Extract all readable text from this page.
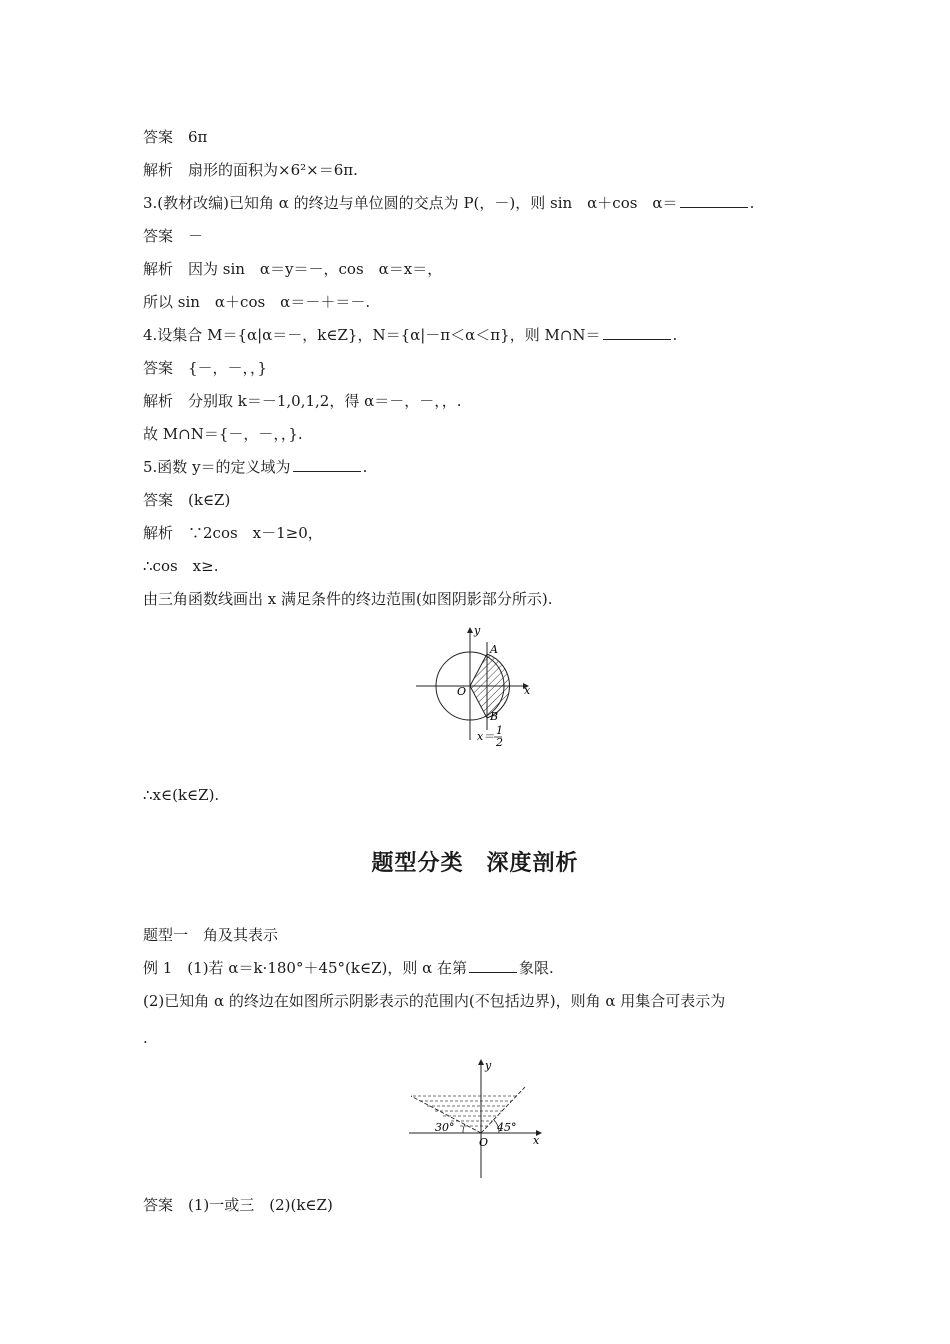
答案　6π
解析　扇形的面积为×6²×＝6π.
3.(教材改编)已知角 α 的终边与单位圆的交点为 P(，－)，则 sin　α＋cos　α＝	.
答案　－
解析　因为 sin　α＝y＝－，cos　α＝x＝，
所以 sin　α＋cos　α＝－＋＝－.
4.设集合 M＝{α|α＝－，k∈Z}，N＝{α|－π＜α＜π}，则 M∩N＝	.
答案　{－，－，，}
解析　分别取 k＝－1,0,1,2，得 α＝－，－，，.
故 M∩N＝{－，－，，}.
5.函数 y＝的定义域为	.
答案　(k∈Z)
解析　∵2cos　x－1≥0，
∴cos　x≥.
由三角函数线画出 x 满足条件的终边范围(如图阴影部分所示).
y
x
O
A
B
x＝ 1
2
∴x∈(k∈Z).
题型分类　深度剖析
题型一　角及其表示
例 1　(1)若 α＝k·180°＋45°(k∈Z)，则 α 在第	象限.
(2)已知角 α 的终边在如图所示阴影表示的范围内(不包括边界)，则角 α 用集合可表示为
.
y
x
O
30°	45°
答案　(1)一或三　(2)(k∈Z)
